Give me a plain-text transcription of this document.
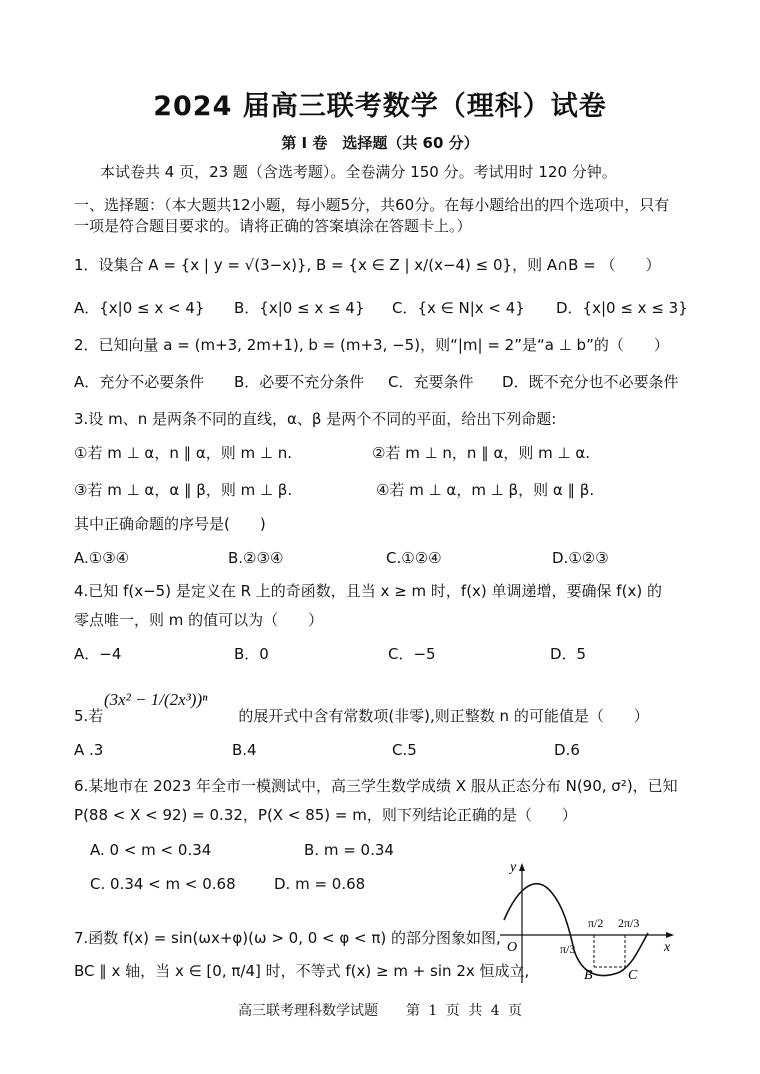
2024 届高三联考数学（理科）试卷
第 I 卷　选择题（共 60 分）
本试卷共 4 页，23 题（含选考题）。全卷满分 150 分。考试用时 120 分钟。
一、选择题：（本大题共12小题，每小题5分，共60分。在每小题给出的四个选项中，只有
一项是符合题目要求的。请将正确的答案填涂在答题卡上。）
1．设集合 A = {x | y = √(3−x)}, B = {x ∈ Z | x/(x−4) ≤ 0}，则 A∩B = （　　）
A．{x|0 ≤ x < 4} B．{x|0 ≤ x ≤ 4} C．{x ∈ N|x < 4} D．{x|0 ≤ x ≤ 3}
2．已知向量 a = (m+3, 2m+1), b = (m+3, −5)，则“|m| = 2”是“a ⊥ b”的（　　）
A．充分不必要条件 B．必要不充分条件 C．充要条件 D．既不充分也不必要条件
3.设 m、n 是两条不同的直线，α、β 是两个不同的平面，给出下列命题:
①若 m ⊥ α，n ∥ α，则 m ⊥ n.	②若 m ⊥ n，n ∥ α，则 m ⊥ α.
③若 m ⊥ α，α ∥ β，则 m ⊥ β.	④若 m ⊥ α，m ⊥ β，则 α ∥ β.
其中正确命题的序号是(　　)
A.①③④	B.②③④	C.①②④	D.①②③
4.已知 f(x−5) 是定义在 R 上的奇函数，且当 x ≥ m 时，f(x) 单调递增，要确保 f(x) 的
零点唯一，则 m 的值可以为（　　）
A．−4	B．0	C．−5	D．5
(3x² − 1/(2x³))ⁿ
5.若　　　　　　　　　的展开式中含有常数项(非零),则正整数 n 的可能值是（　　）
A .3	B.4	C.5	D.6
6.某地市在 2023 年全市一模测试中，高三学生数学成绩 X 服从正态分布 N(90, σ²)，已知
P(88 < X < 92) = 0.32，P(X < 85) = m，则下列结论正确的是（　　）
A. 0 < m < 0.34	B. m = 0.34
C. 0.34 < m < 0.68	D. m = 0.68
7.函数 f(x) = sin(ωx+φ)(ω > 0, 0 < φ < π) 的部分图象如图,
BC ∥ x 轴，当 x ∈ [0, π/4] 时，不等式 f(x) ≥ m + sin 2x 恒成立,
y
x
O	π/3
π/2 2π/3
B	C
高三联考理科数学试题　　第 1 页 共 4 页
